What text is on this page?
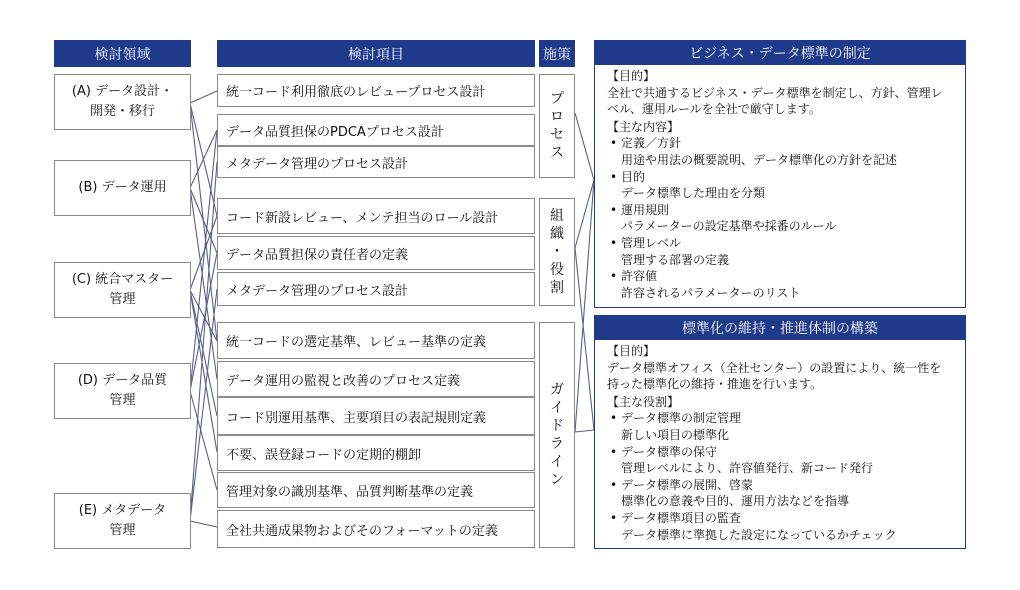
検討領域	検討項目	施策
(A) データ設計・
開発・移行
(B) データ運用
(C) 統合マスター
管理
(D) データ品質
管理
(E) メタデータ
管理
統一コード利用徹底のレビュープロセス設計
データ品質担保のPDCAプロセス設計
メタデータ管理のプロセス設計
コード新設レビュー、メンテ担当のロール設計
データ品質担保の責任者の定義
メタデータ管理のプロセス設計
統一コードの選定基準、レビュー基準の定義
データ運用の監視と改善のプロセス定義
コード別運用基準、主要項目の表記規則定義
不要、誤登録コードの定期的棚卸
管理対象の識別基準、品質判断基準の定義
全社共通成果物およびそのフォーマットの定義
プ
ロ
セ
ス
組
織
・
役
割
ガ
イ
ド
ラ
イ
ン
ビジネス・データ標準の制定
【目的】
全社で共通するビジネス・データ標準を制定し、方針、管理レ
ベル、運用ルールを全社で厳守します。
【主な内容】
• 定義／方針
用途や用法の概要説明、データ標準化の方針を記述
• 目的
データ標準した理由を分類
• 運用規則
パラメーターの設定基準や採番のルール
• 管理レベル
管理する部署の定義
• 許容値
許容されるパラメーターのリスト
標準化の維持・推進体制の構築
【目的】
データ標準オフィス（全社センター）の設置により、統一性を
持った標準化の維持・推進を行います。
【主な役割】
• データ標準の制定管理
新しい項目の標準化
• データ標準の保守
管理レベルにより、許容値発行、新コード発行
• データ標準の展開、啓蒙
標準化の意義や目的、運用方法などを指導
• データ標準項目の監査
データ標準に準拠した設定になっているかチェック
